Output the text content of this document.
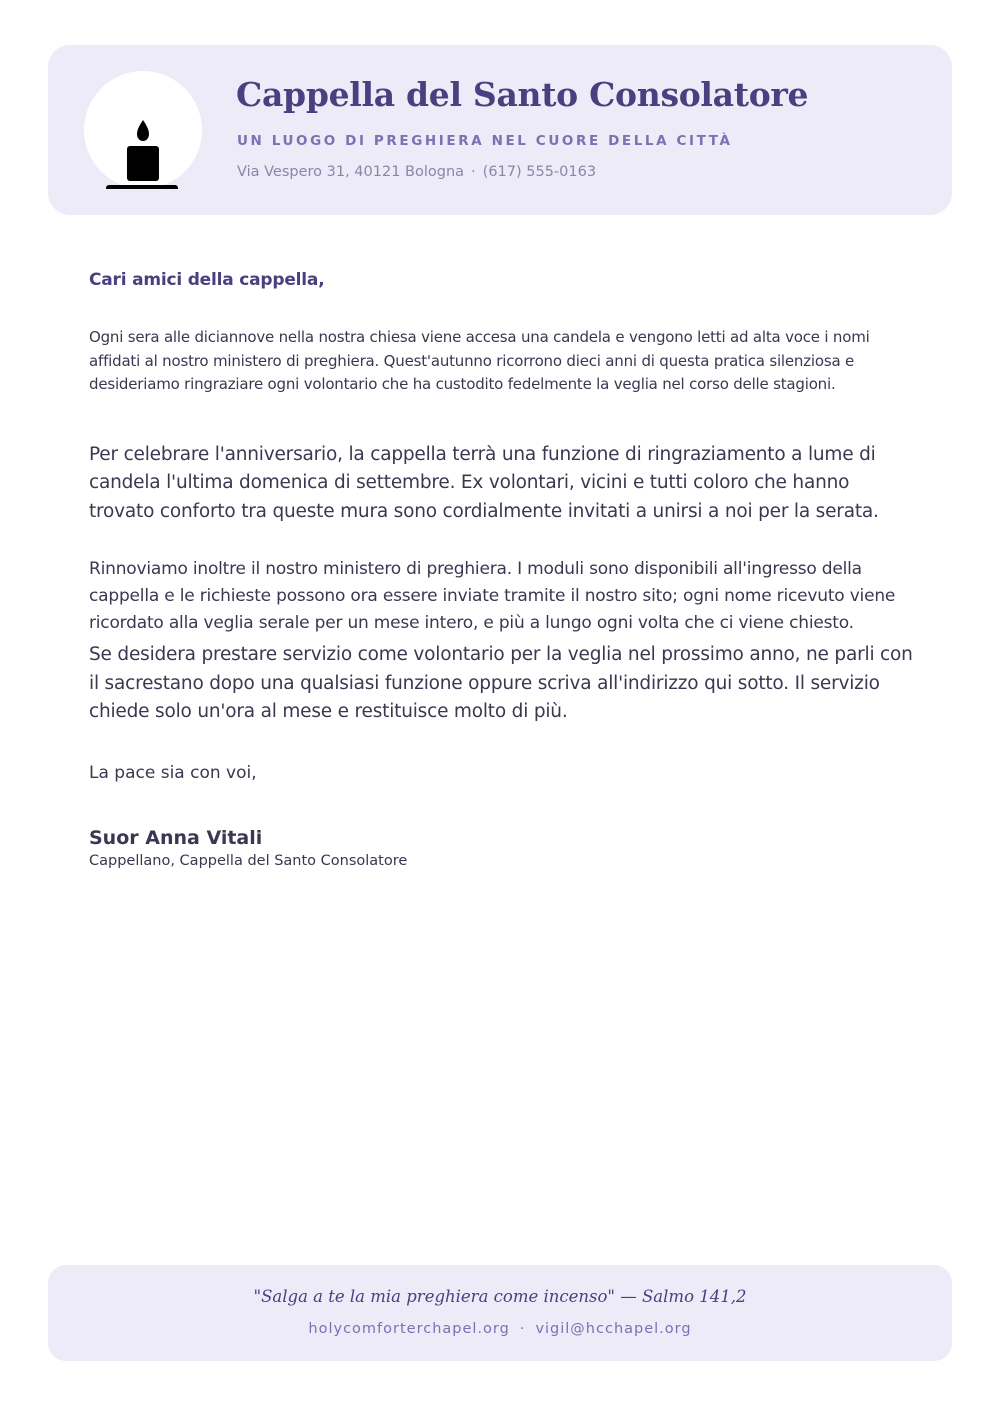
Cappella del Santo Consolatore
UN LUOGO DI PREGHIERA NEL CUORE DELLA CITTÀ
Via Vespero 31, 40121 Bologna · (617) 555-0163
Cari amici della cappella,

Ogni sera alle diciannove nella nostra chiesa viene accesa una candela e vengono letti ad alta voce i nomi affidati al nostro ministero di preghiera. Quest'autunno ricorrono dieci anni di questa pratica silenziosa e desideriamo ringraziare ogni volontario che ha custodito fedelmente la veglia nel corso delle stagioni.

Per celebrare l'anniversario, la cappella terrà una funzione di ringraziamento a lume di candela l'ultima domenica di settembre. Ex volontari, vicini e tutti coloro che hanno trovato conforto tra queste mura sono cordialmente invitati a unirsi a noi per la serata.

Rinnoviamo inoltre il nostro ministero di preghiera. I moduli sono disponibili all'ingresso della cappella e le richieste possono ora essere inviate tramite il nostro sito; ogni nome ricevuto viene ricordato alla veglia serale per un mese intero, e più a lungo ogni volta che ci viene chiesto.

Se desidera prestare servizio come volontario per la veglia nel prossimo anno, ne parli con il sacrestano dopo una qualsiasi funzione oppure scriva all'indirizzo qui sotto. Il servizio chiede solo un'ora al mese e restituisce molto di più.

La pace sia con voi,
Suor Anna Vitali
Cappellano, Cappella del Santo Consolatore
"Salga a te la mia preghiera come incenso" — Salmo 141,2
holycomforterchapel.org · vigil@hcchapel.org
